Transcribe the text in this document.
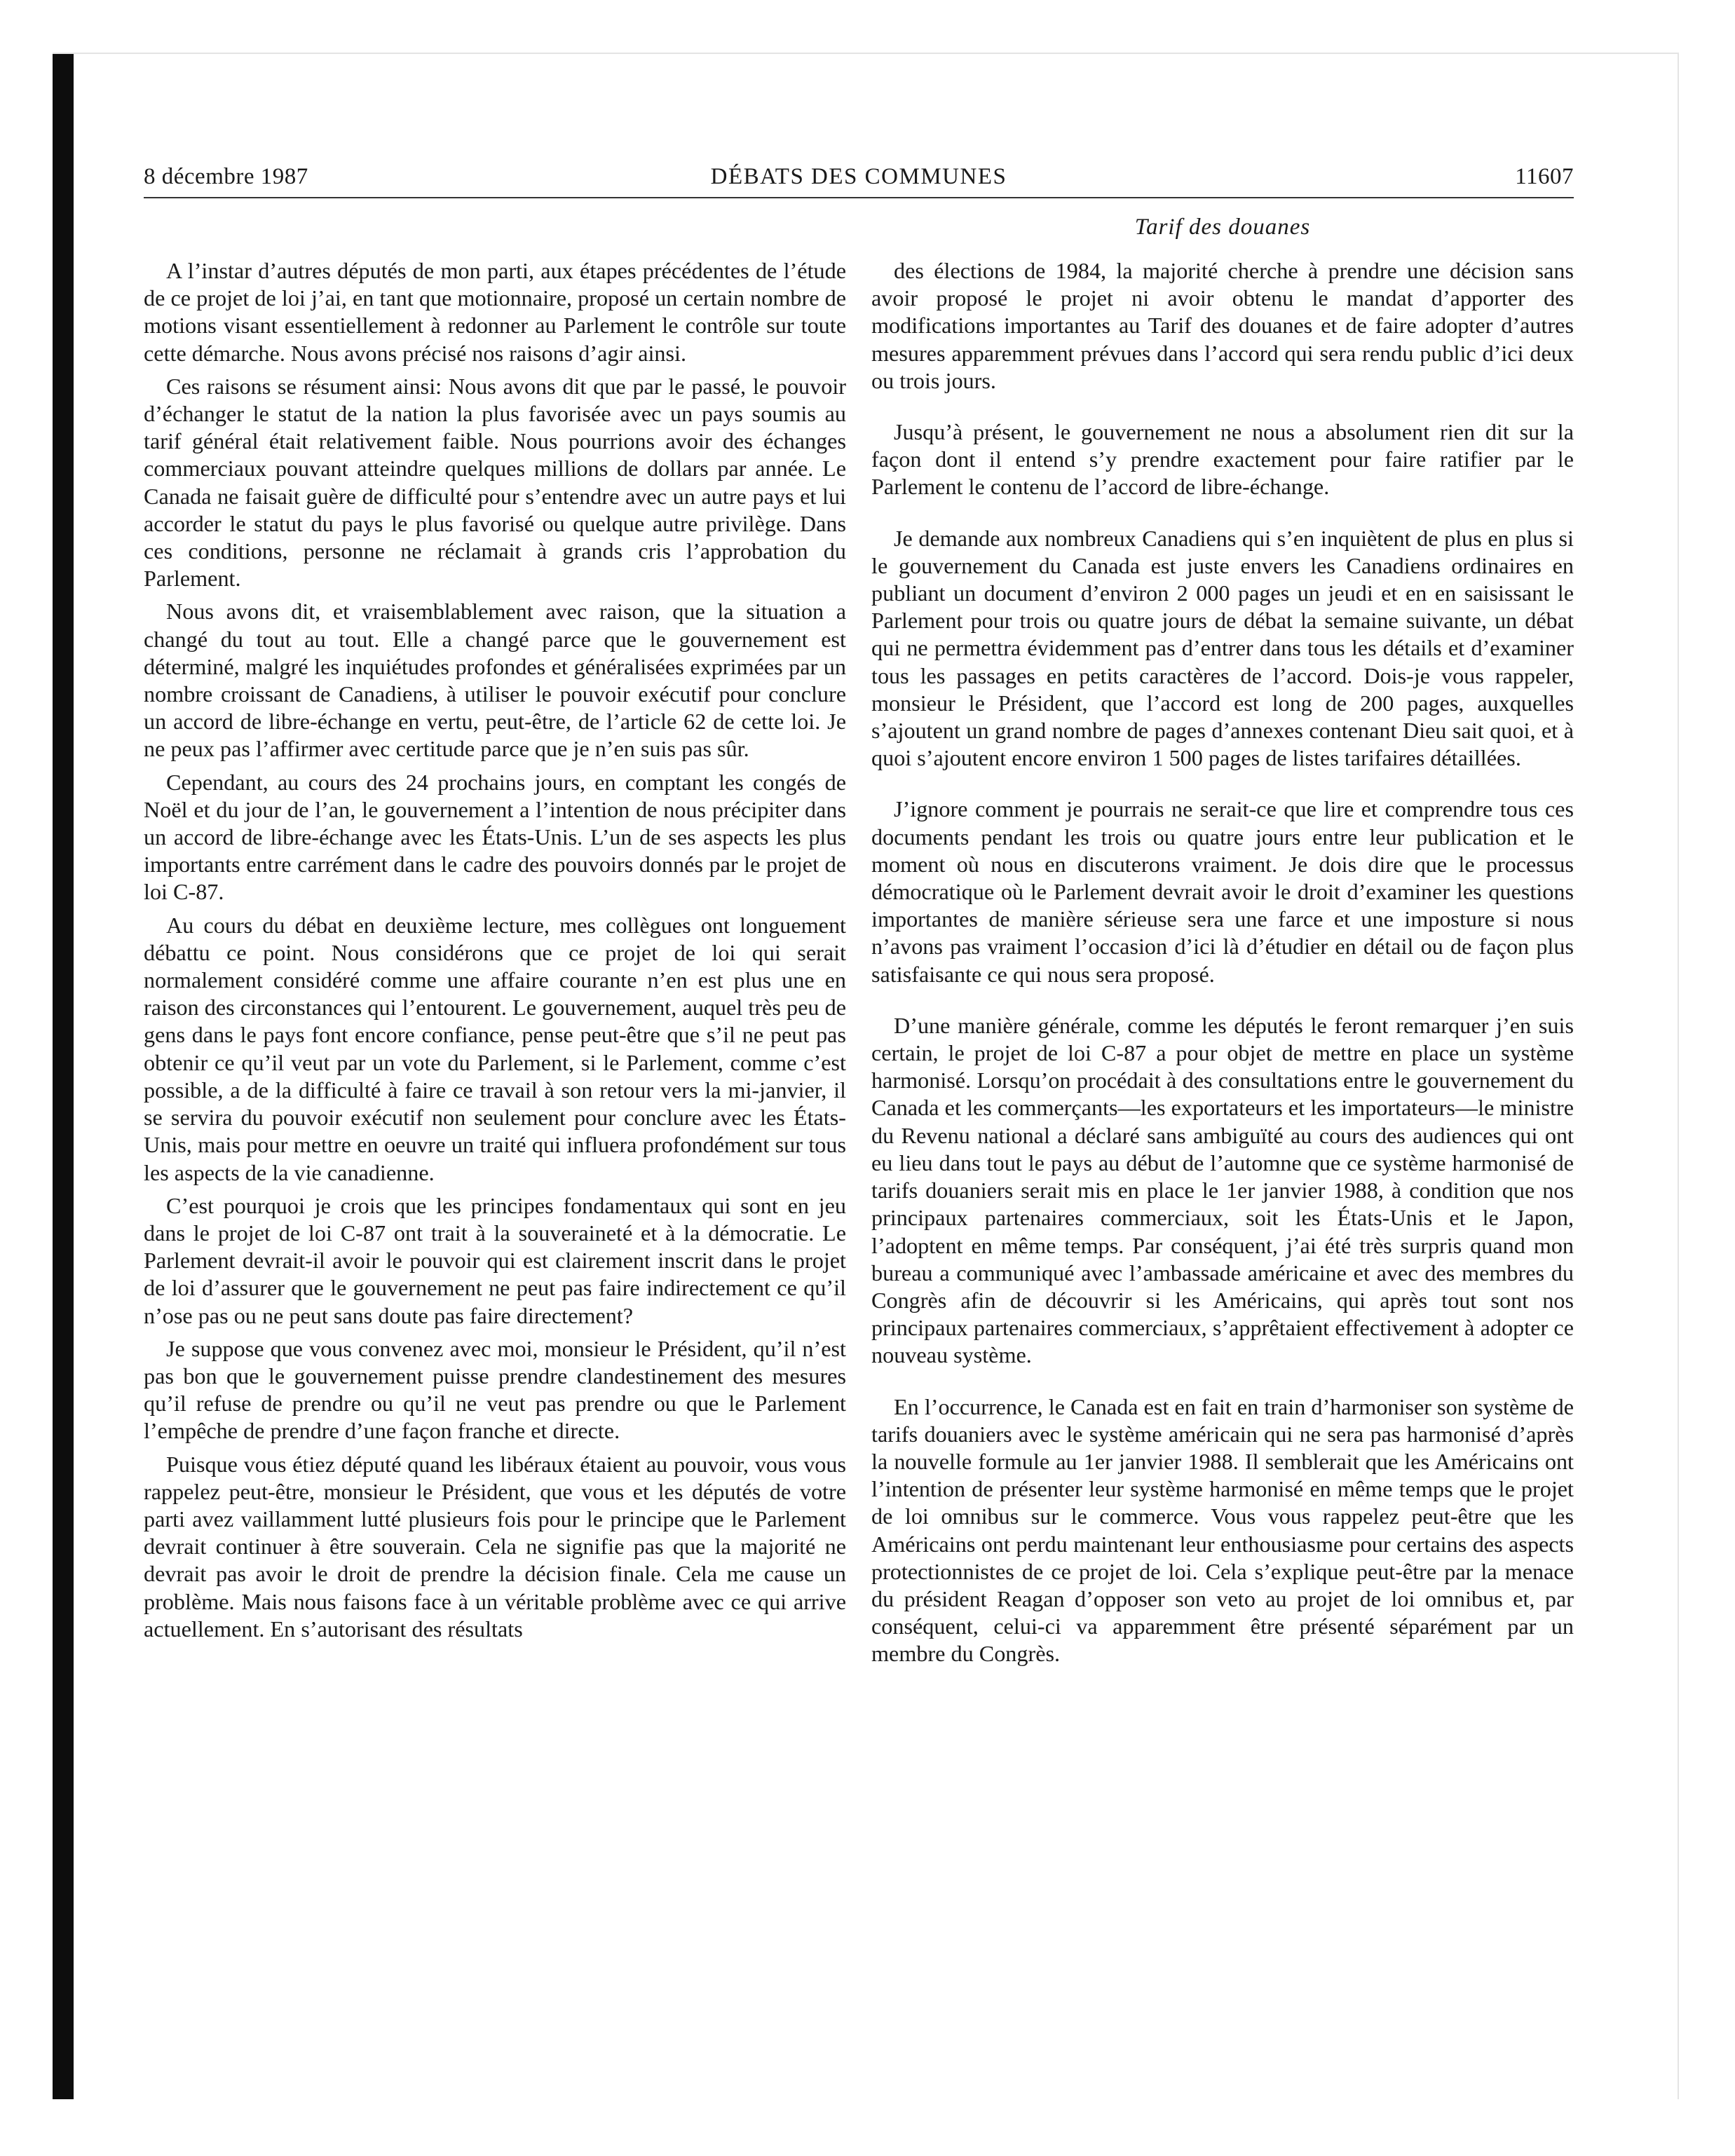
8 décembre 1987	DÉBATS DES COMMUNES	11607
Tarif des douanes

A l’instar d’autres députés de mon parti, aux étapes précédentes de l’étude de ce projet de loi j’ai, en tant que motionnaire, proposé un certain nombre de motions visant essentiellement à redonner au Parlement le contrôle sur toute cette démarche. Nous avons précisé nos raisons d’agir ainsi.

Ces raisons se résument ainsi: Nous avons dit que par le passé, le pouvoir d’échanger le statut de la nation la plus favorisée avec un pays soumis au tarif général était relativement faible. Nous pourrions avoir des échanges commerciaux pouvant atteindre quelques millions de dollars par année. Le Canada ne faisait guère de difficulté pour s’entendre avec un autre pays et lui accorder le statut du pays le plus favorisé ou quelque autre privilège. Dans ces conditions, personne ne réclamait à grands cris l’approbation du Parlement.

Nous avons dit, et vraisemblablement avec raison, que la situation a changé du tout au tout. Elle a changé parce que le gouvernement est déterminé, malgré les inquiétudes profondes et généralisées exprimées par un nombre croissant de Canadiens, à utiliser le pouvoir exécutif pour conclure un accord de libre-échange en vertu, peut-être, de l’article 62 de cette loi. Je ne peux pas l’affirmer avec certitude parce que je n’en suis pas sûr.

Cependant, au cours des 24 prochains jours, en comptant les congés de Noël et du jour de l’an, le gouvernement a l’intention de nous précipiter dans un accord de libre-échange avec les États-Unis. L’un de ses aspects les plus importants entre carrément dans le cadre des pouvoirs donnés par le projet de loi C-87.

Au cours du débat en deuxième lecture, mes collègues ont longuement débattu ce point. Nous considérons que ce projet de loi qui serait normalement considéré comme une affaire courante n’en est plus une en raison des circonstances qui l’entourent. Le gouvernement, auquel très peu de gens dans le pays font encore confiance, pense peut-être que s’il ne peut pas obtenir ce qu’il veut par un vote du Parlement, si le Parlement, comme c’est possible, a de la difficulté à faire ce travail à son retour vers la mi-janvier, il se servira du pouvoir exécutif non seulement pour conclure avec les États-Unis, mais pour mettre en oeuvre un traité qui influera profondément sur tous les aspects de la vie canadienne.

C’est pourquoi je crois que les principes fondamentaux qui sont en jeu dans le projet de loi C-87 ont trait à la souveraineté et à la démocratie. Le Parlement devrait-il avoir le pouvoir qui est clairement inscrit dans le projet de loi d’assurer que le gouvernement ne peut pas faire indirectement ce qu’il n’ose pas ou ne peut sans doute pas faire directement?

Je suppose que vous convenez avec moi, monsieur le Président, qu’il n’est pas bon que le gouvernement puisse prendre clandestinement des mesures qu’il refuse de prendre ou qu’il ne veut pas prendre ou que le Parlement l’empêche de prendre d’une façon franche et directe.

Puisque vous étiez député quand les libéraux étaient au pouvoir, vous vous rappelez peut-être, monsieur le Président, que vous et les députés de votre parti avez vaillamment lutté plusieurs fois pour le principe que le Parlement devrait continuer à être souverain. Cela ne signifie pas que la majorité ne devrait pas avoir le droit de prendre la décision finale. Cela me cause un problème. Mais nous faisons face à un véritable problème avec ce qui arrive actuellement. En s’autorisant des résultats

des élections de 1984, la majorité cherche à prendre une décision sans avoir proposé le projet ni avoir obtenu le mandat d’apporter des modifications importantes au Tarif des douanes et de faire adopter d’autres mesures apparemment prévues dans l’accord qui sera rendu public d’ici deux ou trois jours.

Jusqu’à présent, le gouvernement ne nous a absolument rien dit sur la façon dont il entend s’y prendre exactement pour faire ratifier par le Parlement le contenu de l’accord de libre-échange.

Je demande aux nombreux Canadiens qui s’en inquiètent de plus en plus si le gouvernement du Canada est juste envers les Canadiens ordinaires en publiant un document d’environ 2 000 pages un jeudi et en en saisissant le Parlement pour trois ou quatre jours de débat la semaine suivante, un débat qui ne permettra évidemment pas d’entrer dans tous les détails et d’examiner tous les passages en petits caractères de l’accord. Dois-je vous rappeler, monsieur le Président, que l’accord est long de 200 pages, auxquelles s’ajoutent un grand nombre de pages d’annexes contenant Dieu sait quoi, et à quoi s’ajoutent encore environ 1 500 pages de listes tarifaires détaillées.

J’ignore comment je pourrais ne serait-ce que lire et comprendre tous ces documents pendant les trois ou quatre jours entre leur publication et le moment où nous en discuterons vraiment. Je dois dire que le processus démocratique où le Parlement devrait avoir le droit d’examiner les questions importantes de manière sérieuse sera une farce et une imposture si nous n’avons pas vraiment l’occasion d’ici là d’étudier en détail ou de façon plus satisfaisante ce qui nous sera proposé.

D’une manière générale, comme les députés le feront remarquer j’en suis certain, le projet de loi C-87 a pour objet de mettre en place un système harmonisé. Lorsqu’on procédait à des consultations entre le gouvernement du Canada et les commerçants—les exportateurs et les importateurs—le ministre du Revenu national a déclaré sans ambiguïté au cours des audiences qui ont eu lieu dans tout le pays au début de l’automne que ce système harmonisé de tarifs douaniers serait mis en place le 1er janvier 1988, à condition que nos principaux partenaires commerciaux, soit les États-Unis et le Japon, l’adoptent en même temps. Par conséquent, j’ai été très surpris quand mon bureau a communiqué avec l’ambassade américaine et avec des membres du Congrès afin de découvrir si les Américains, qui après tout sont nos principaux partenaires commerciaux, s’apprêtaient effectivement à adopter ce nouveau système.

En l’occurrence, le Canada est en fait en train d’harmoniser son système de tarifs douaniers avec le système américain qui ne sera pas harmonisé d’après la nouvelle formule au 1er janvier 1988. Il semblerait que les Américains ont l’intention de présenter leur système harmonisé en même temps que le projet de loi omnibus sur le commerce. Vous vous rappelez peut-être que les Américains ont perdu maintenant leur enthousiasme pour certains des aspects protectionnistes de ce projet de loi. Cela s’explique peut-être par la menace du président Reagan d’opposer son veto au projet de loi omnibus et, par conséquent, celui-ci va apparemment être présenté séparément par un membre du Congrès.
